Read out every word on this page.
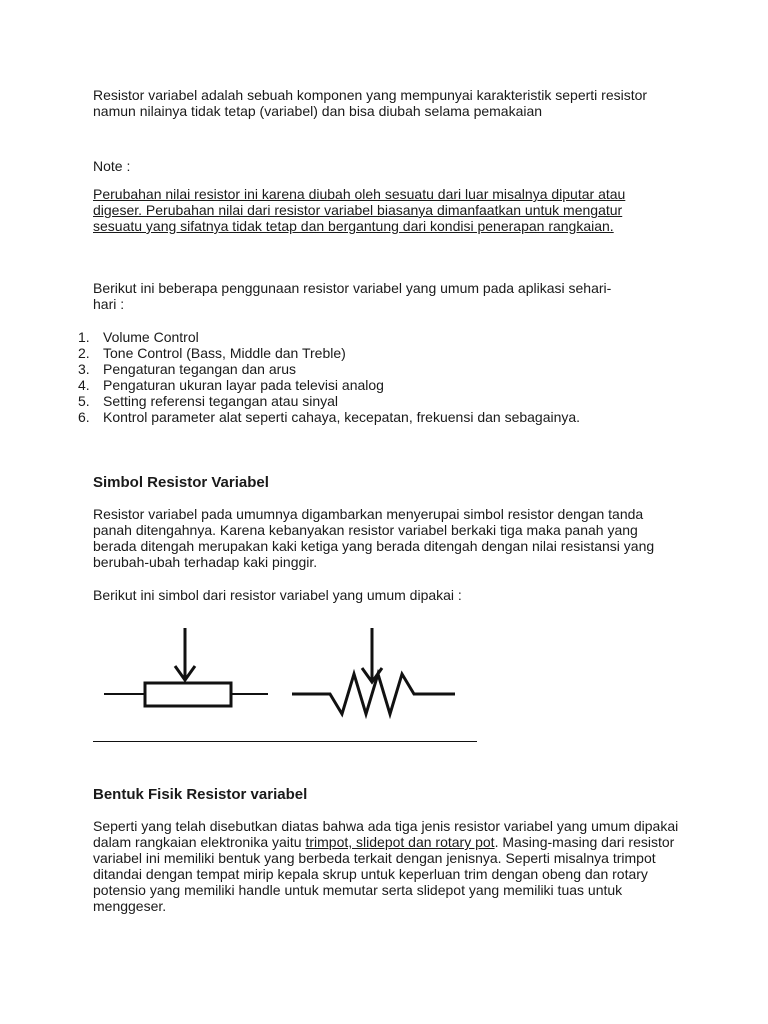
Resistor variabel adalah sebuah komponen yang mempunyai karakteristik seperti resistor namun nilainya tidak tetap (variabel) dan bisa diubah selama pemakaian

Note :

Perubahan nilai resistor ini karena diubah oleh sesuatu dari luar misalnya diputar atau digeser. Perubahan nilai dari resistor variabel biasanya dimanfaatkan untuk mengatur sesuatu yang sifatnya tidak tetap dan bergantung dari kondisi penerapan rangkaian.

Berikut ini beberapa penggunaan resistor variabel yang umum pada aplikasi sehari-hari :

1. Volume Control
2. Tone Control (Bass, Middle dan Treble)
3. Pengaturan tegangan dan arus
4. Pengaturan ukuran layar pada televisi analog
5. Setting referensi tegangan atau sinyal
6. Kontrol parameter alat seperti cahaya, kecepatan, frekuensi dan sebagainya.
Simbol Resistor Variabel

Resistor variabel pada umumnya digambarkan menyerupai simbol resistor dengan tanda panah ditengahnya. Karena kebanyakan resistor variabel berkaki tiga maka panah yang berada ditengah merupakan kaki ketiga yang berada ditengah dengan nilai resistansi yang berubah-ubah terhadap kaki pinggir.

Berikut ini simbol dari resistor variabel yang umum dipakai :

Bentuk Fisik Resistor variabel

Seperti yang telah disebutkan diatas bahwa ada tiga jenis resistor variabel yang umum dipakai dalam rangkaian elektronika yaitu trimpot, slidepot dan rotary pot. Masing-masing dari resistor variabel ini memiliki bentuk yang berbeda terkait dengan jenisnya. Seperti misalnya trimpot ditandai dengan tempat mirip kepala skrup untuk keperluan trim dengan obeng dan rotary potensio yang memiliki handle untuk memutar serta slidepot yang memiliki tuas untuk menggeser.
